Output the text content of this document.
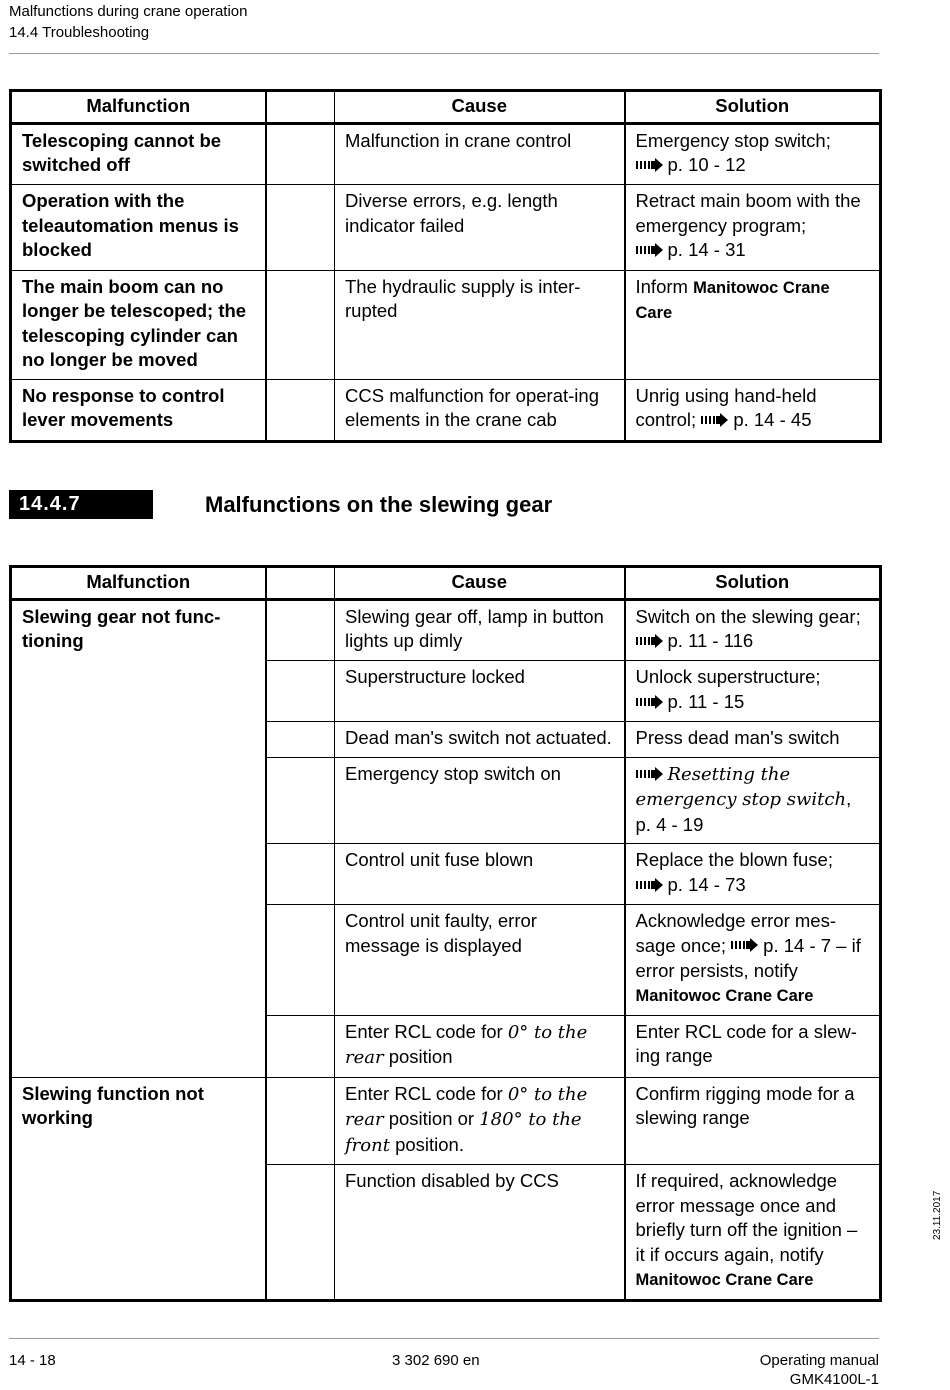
Malfunctions during crane operation
14.4 Troubleshooting
Malfunction		Cause	Solution
Telescoping cannot be switched off		Malfunction in crane control	Emergency stop switch;
p. 10 - 12
Operation with the teleautomation menus is blocked		Diverse errors, e.g. length indicator failed	Retract main boom with the emergency program;
p. 14 - 31
The main boom can no longer be telescoped; the telescoping cylinder can no longer be moved		The hydraulic supply is inter-rupted	Inform Manitowoc Crane Care
No response to control lever movements		CCS malfunction for operat-ing elements in the crane cab	Unrig using hand-held control; p. 14 - 45
14.4.7	Malfunctions on the slewing gear
Malfunction		Cause	Solution
Slewing gear not func-tioning		Slewing gear off, lamp in button lights up dimly	Switch on the slewing gear; p. 11 - 116
		Superstructure locked	Unlock superstructure;
p. 11 - 15
		Dead man's switch not actuated.	Press dead man's switch
		Emergency stop switch on	Resetting the emergency stop switch, p. 4 - 19
		Control unit fuse blown	Replace the blown fuse;
p. 14 - 73
		Control unit faulty, error message is displayed	Acknowledge error mes-sage once; p. 14 - 7 – if error persists, notify
Manitowoc Crane Care
		Enter RCL code for 0° to the rear position	Enter RCL code for a slew-ing range
Slewing function not working		Enter RCL code for 0° to the rear position or 180° to the front position.	Confirm rigging mode for a slewing range
		Function disabled by CCS	If required, acknowledge error message once and briefly turn off the ignition – it if occurs again, notify
Manitowoc Crane Care
23.11.2017
14 - 18	3 302 690 en	Operating manual
GMK4100L-1
